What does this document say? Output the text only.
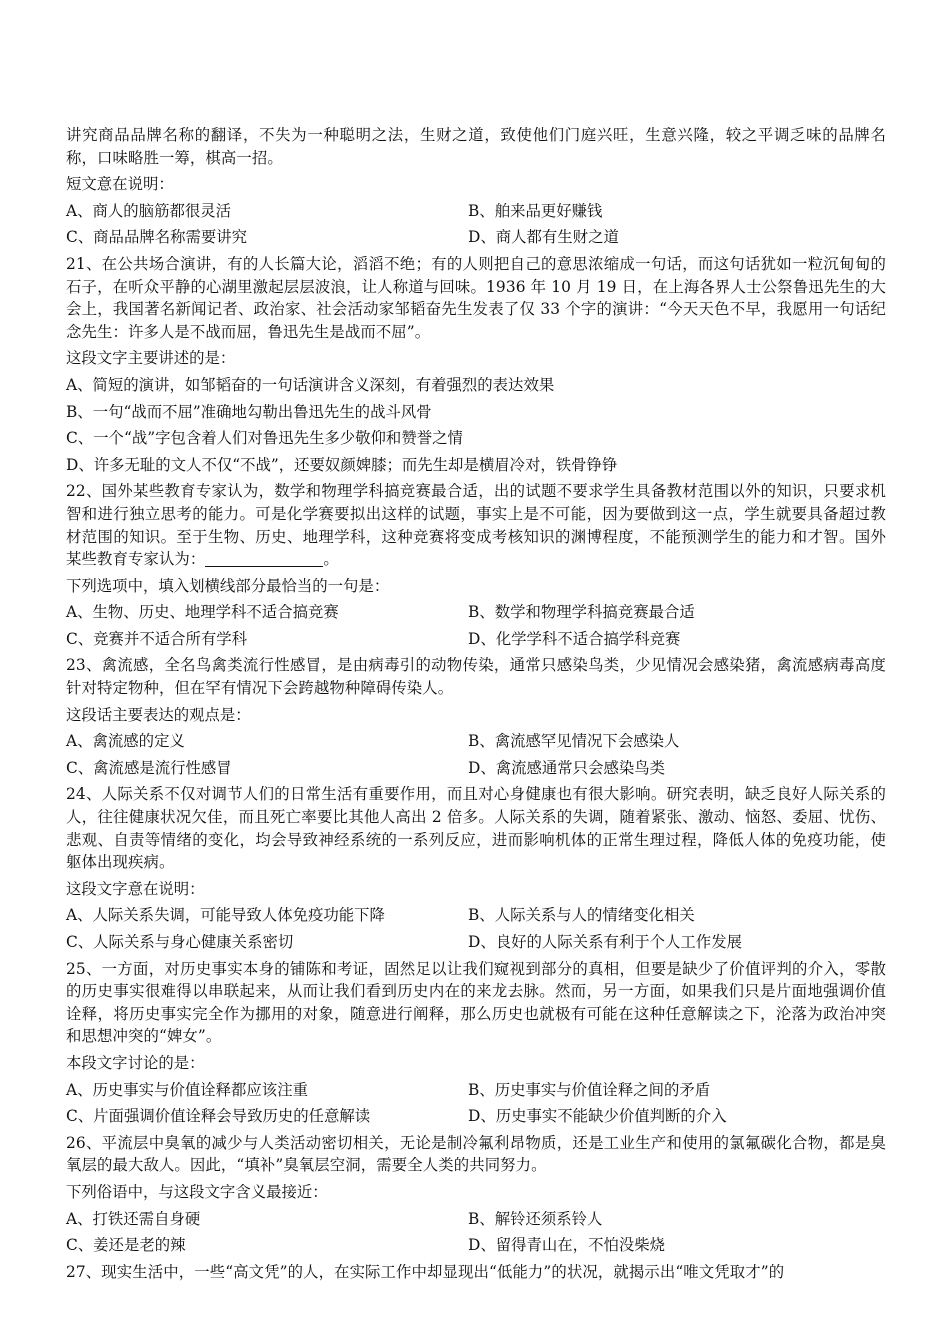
讲究商品品牌名称的翻译，不失为一种聪明之法，生财之道，致使他们门庭兴旺，生意兴隆，较之平调乏味的品牌名称，口味略胜一筹，棋高一招。

短文意在说明：

A、商人的脑筋都很灵活	B、舶来品更好赚钱
C、商品品牌名称需要讲究	D、商人都有生财之道

21、在公共场合演讲，有的人长篇大论，滔滔不绝；有的人则把自己的意思浓缩成一句话，而这句话犹如一粒沉甸甸的石子，在听众平静的心湖里激起层层波浪，让人称道与回味。1936 年 10 月 19 日，在上海各界人士公祭鲁迅先生的大会上，我国著名新闻记者、政治家、社会活动家邹韬奋先生发表了仅 33 个字的演讲：“今天天色不早，我愿用一句话纪念先生：许多人是不战而屈，鲁迅先生是战而不屈”。

这段文字主要讲述的是：

A、简短的演讲，如邹韬奋的一句话演讲含义深刻，有着强烈的表达效果
B、一句“战而不屈”准确地勾勒出鲁迅先生的战斗风骨
C、一个“战”字包含着人们对鲁迅先生多少敬仰和赞誉之情
D、许多无耻的文人不仅“不战”，还要奴颜婢膝；而先生却是横眉冷对，铁骨铮铮

22、国外某些教育专家认为，数学和物理学科搞竞赛最合适，出的试题不要求学生具备教材范围以外的知识，只要求机智和进行独立思考的能力。可是化学赛要拟出这样的试题，事实上是不可能，因为要做到这一点，学生就要具备超过教材范围的知识。至于生物、历史、地理学科，这种竞赛将变成考核知识的渊博程度，不能预测学生的能力和才智。国外某些教育专家认为：	。

下列选项中，填入划横线部分最恰当的一句是：

A、生物、历史、地理学科不适合搞竞赛	B、数学和物理学科搞竞赛最合适
C、竞赛并不适合所有学科	D、化学学科不适合搞学科竞赛

23、禽流感，全名鸟禽类流行性感冒，是由病毒引的动物传染，通常只感染鸟类，少见情况会感染猪，禽流感病毒高度针对特定物种，但在罕有情况下会跨越物种障碍传染人。

这段话主要表达的观点是：

A、禽流感的定义	B、禽流感罕见情况下会感染人
C、禽流感是流行性感冒	D、禽流感通常只会感染鸟类

24、人际关系不仅对调节人们的日常生活有重要作用，而且对心身健康也有很大影响。研究表明，缺乏良好人际关系的人，往往健康状况欠佳，而且死亡率要比其他人高出 2 倍多。人际关系的失调，随着紧张、激动、恼怒、委屈、忧伤、悲观、自责等情绪的变化，均会导致神经系统的一系列反应，进而影响机体的正常生理过程，降低人体的免疫功能，使躯体出现疾病。

这段文字意在说明：

A、人际关系失调，可能导致人体免疫功能下降	B、人际关系与人的情绪变化相关
C、人际关系与身心健康关系密切	D、良好的人际关系有利于个人工作发展

25、一方面，对历史事实本身的铺陈和考证，固然足以让我们窥视到部分的真相，但要是缺少了价值评判的介入，零散的历史事实很难得以串联起来，从而让我们看到历史内在的来龙去脉。然而，另一方面，如果我们只是片面地强调价值诠释，将历史事实完全作为挪用的对象，随意进行阐释，那么历史也就极有可能在这种任意解读之下，沦落为政治冲突和思想冲突的“婢女”。

本段文字讨论的是：

A、历史事实与价值诠释都应该注重	B、历史事实与价值诠释之间的矛盾
C、片面强调价值诠释会导致历史的任意解读	D、历史事实不能缺少价值判断的介入

26、平流层中臭氧的减少与人类活动密切相关，无论是制冷氟利昂物质，还是工业生产和使用的氯氟碳化合物，都是臭氧层的最大敌人。因此，“填补”臭氧层空洞，需要全人类的共同努力。

下列俗语中，与这段文字含义最接近：

A、打铁还需自身硬	B、解铃还须系铃人
C、姜还是老的辣	D、留得青山在，不怕没柴烧

27、现实生活中，一些“高文凭”的人，在实际工作中却显现出“低能力”的状况，就揭示出“唯文凭取才”的
